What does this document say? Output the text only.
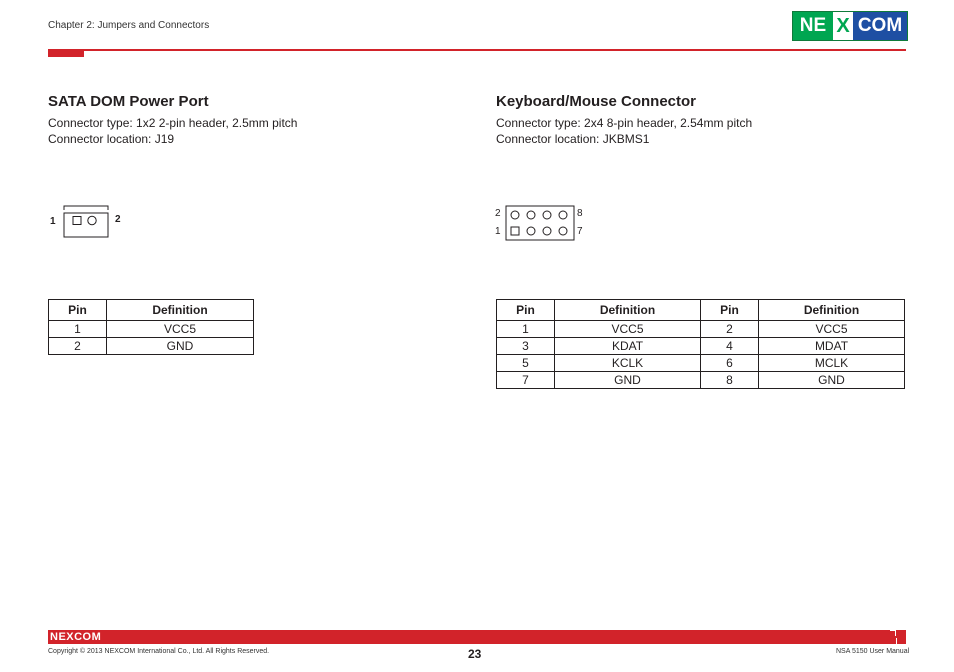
Chapter 2: Jumpers and Connectors	NE X COM
SATA DOM Power Port
Connector type: 1x2 2-pin header, 2.5mm pitch
Connector location: J19
1	2
Pin	Definition
1	VCC5
2	GND
Keyboard/Mouse Connector
Connector type: 2x4 8-pin header, 2.54mm pitch
Connector location: JKBMS1
2	8
1	7
Pin	Definition	Pin	Definition
1	VCC5	2	VCC5
3	KDAT	4	MDAT
5	KCLK	6	MCLK
7	GND	8	GND
NEXCOM
Copyright © 2013 NEXCOM International Co., Ltd. All Rights Reserved.	23	NSA 5150 User Manual
